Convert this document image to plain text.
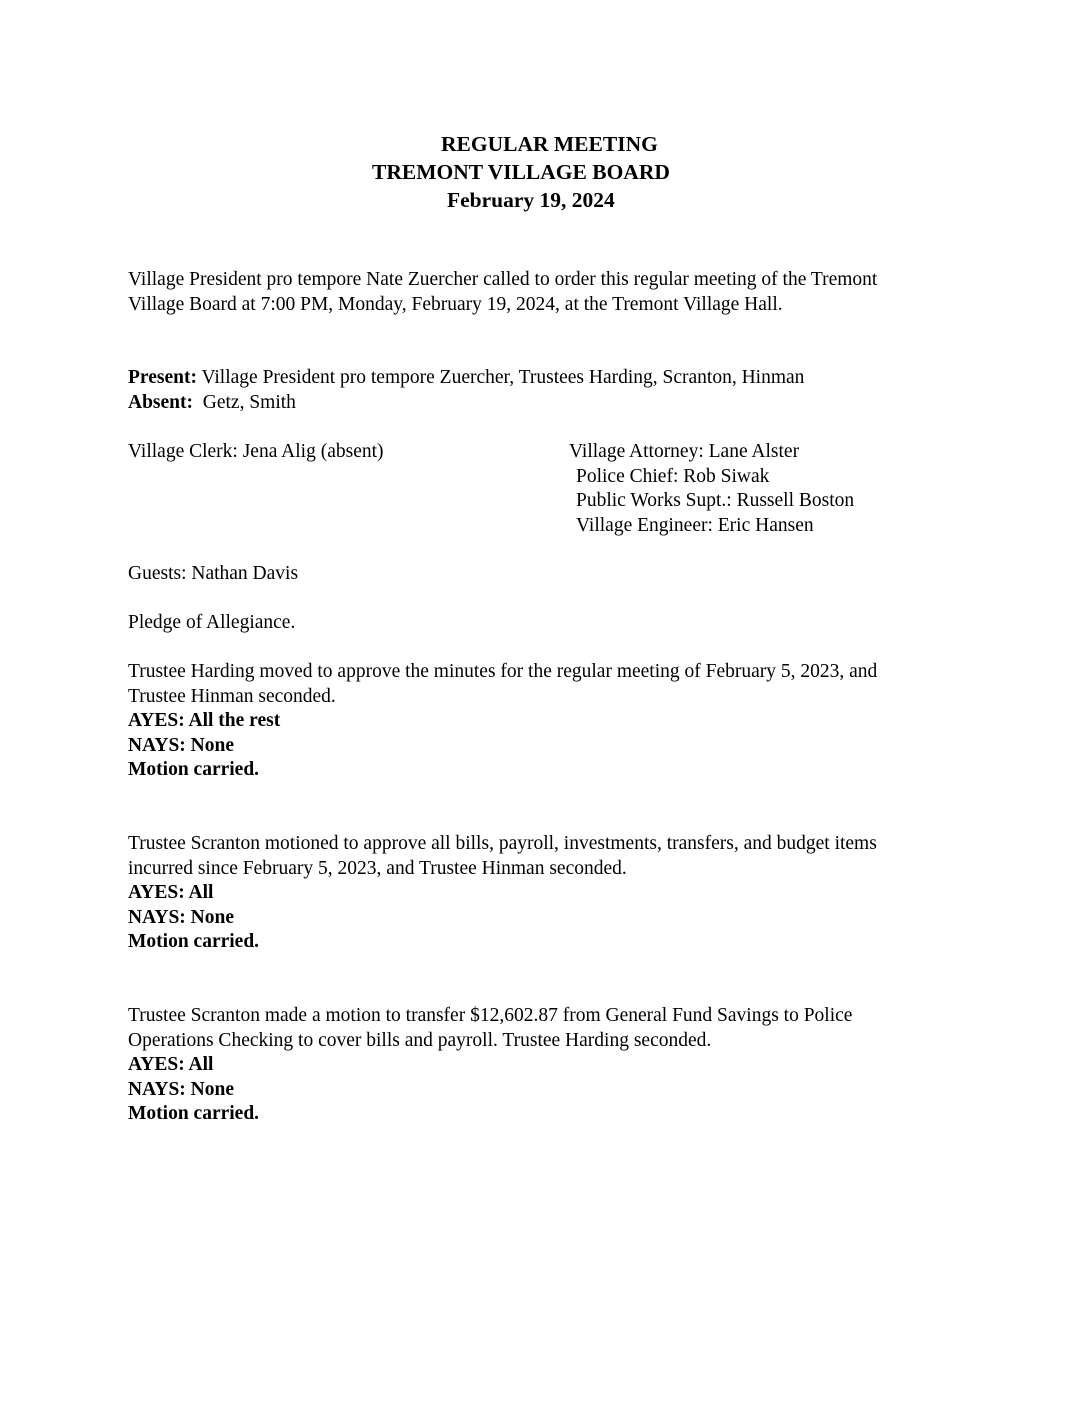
REGULAR MEETING
TREMONT VILLAGE BOARD
February 19, 2024
Village President pro tempore Nate Zuercher called to order this regular meeting of the Tremont
Village Board at 7:00 PM, Monday, February 19, 2024, at the Tremont Village Hall.
Present: Village President pro tempore Zuercher, Trustees Harding, Scranton, Hinman
Absent:  Getz, Smith
Village Clerk: Jena Alig (absent)	Village Attorney: Lane Alster
Police Chief: Rob Siwak
Public Works Supt.: Russell Boston
Village Engineer: Eric Hansen
Guests: Nathan Davis
Pledge of Allegiance.
Trustee Harding moved to approve the minutes for the regular meeting of February 5, 2023, and
Trustee Hinman seconded.
AYES: All the rest
NAYS: None
Motion carried.
Trustee Scranton motioned to approve all bills, payroll, investments, transfers, and budget items
incurred since February 5, 2023, and Trustee Hinman seconded.
AYES: All
NAYS: None
Motion carried.
Trustee Scranton made a motion to transfer $12,602.87 from General Fund Savings to Police
Operations Checking to cover bills and payroll. Trustee Harding seconded.
AYES: All
NAYS: None
Motion carried.
